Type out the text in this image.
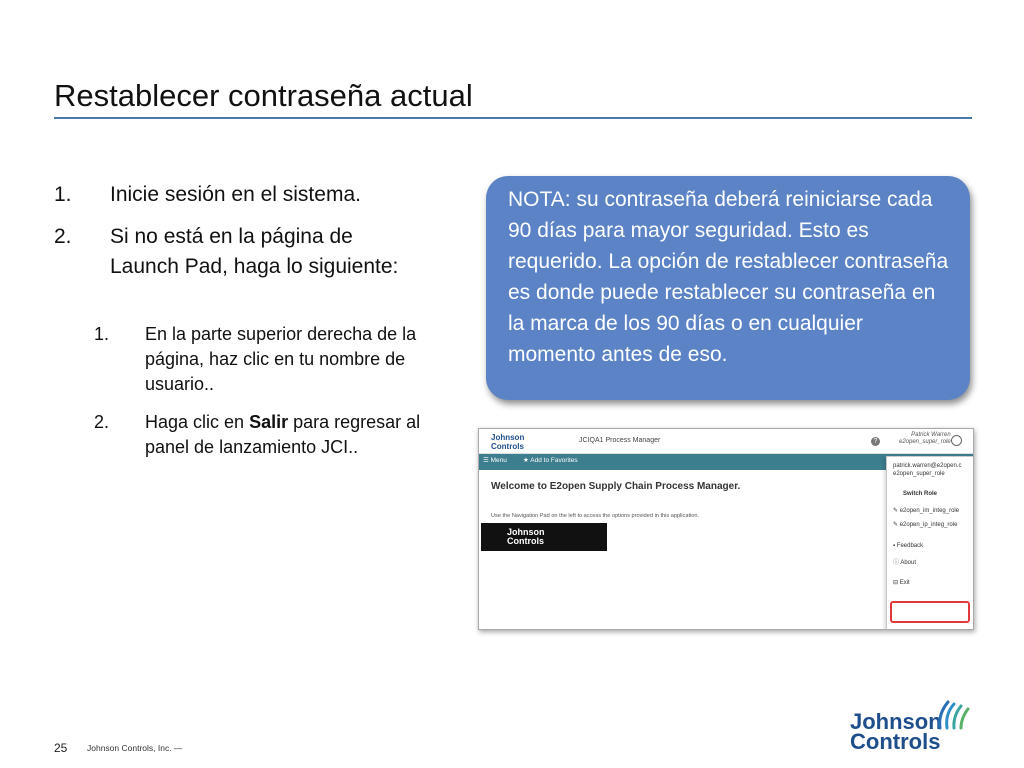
Restablecer contraseña actual
1. Inicie sesión en el sistema.
2. Si no está en la página de Launch Pad, haga lo siguiente:
1. En la parte superior derecha de la página, haz clic en tu nombre de usuario..
2. Haga clic en Salir para regresar al panel de lanzamiento JCI..
NOTA: su contraseña deberá reiniciarse cada 90 días para mayor seguridad. Esto es requerido. La opción de restablecer contraseña es donde puede restablecer su contraseña en la marca de los 90 días o en cualquier momento antes de eso.
Johnson
Controls
JCIQA1 Process Manager	?
Patrick Warren
e2open_super_role
☰ Menu ★ Add to Favorites
Welcome to E2open Supply Chain Process Manager.
Use the Navigation Pad on the left to access the options provided in this application.
Johnson
Controls
patrick.warren@e2open.c
e2open_super_role
Switch Role
✎ e2open_im_integ_role
✎ e2open_ip_integ_role
▪ Feedback
ⓘ About
⊟ Exit
25 Johnson Controls, Inc. —
Johnson
Controls
